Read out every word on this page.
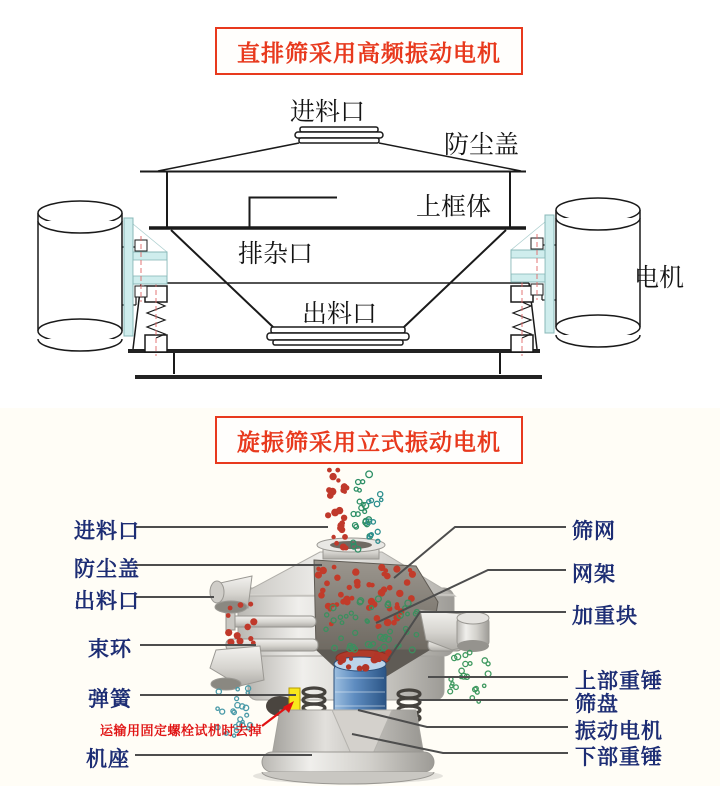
直排筛采用高频振动电机
进料口
防尘盖
上框体
排杂口
出料口
电机
旋振筛采用立式振动电机
进料口
防尘盖
出料口
束环
弹簧
机座
运输用固定螺栓试机时去掉
筛网
网架
加重块
上部重锤
筛盘
振动电机
下部重锤
